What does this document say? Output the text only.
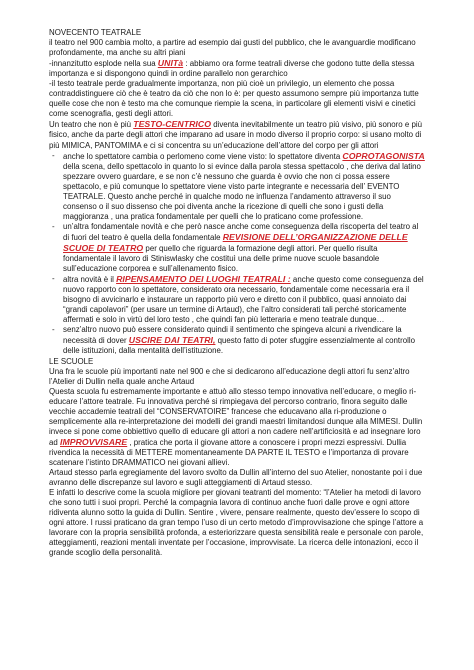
NOVECENTO TEATRALE

il teatro nel 900 cambia molto, a partire ad esempio dai gusti del pubblico, che le avanguardie modificano profondamente, ma anche su altri piani

-innanzitutto esplode nella sua UNITà : abbiamo ora forme teatrali diverse che godono tutte della stessa importanza e si dispongono quindi in ordine parallelo non gerarchico

-il testo teatrale perde gradualmente importanza, non più cioè un privilegio, un elemento che possa contraddistinguere ciò che è teatro da ciò che non lo è: per questo assumono sempre più importanza tutte quelle cose che non è testo ma che comunque riempie la scena, in particolare gli elementi visivi e cinetici come scenografia, gesti degli attori.

Un teatro che non è più TESTO-CENTRICO diventa inevitabilmente un teatro più visivo, più sonoro e più fisico, anche da parte degli attori che imparano ad usare in modo diverso il proprio corpo: si usano molto di più MIMICA, PANTOMIMA e ci si concentra su un’educazione dell’attore del corpo per gli attori

- anche lo spettatore cambia o perlomeno come viene visto: lo spettatore diventa COPROTAGONISTA della scena, dello spettacolo in quanto lo si evince dalla parola stessa spettacolo , che deriva dal latino spezzare ovvero guardare, e se non c’è nessuno che guarda è ovvio che non ci possa essere spettacolo, e più comunque lo spettatore viene visto parte integrante e necessaria dell’ EVENTO TEATRALE. Questo anche perché in qualche modo ne influenza l’andamento attraverso il suo consenso o il suo dissenso che poi diventa anche la ricezione di quelli che sono i gusti della maggioranza , una pratica fondamentale per quelli che lo praticano come professione.
- un’altra fondamentale novità e che però nasce anche come conseguenza della riscoperta del teatro al di fuori del teatro è quella della fondamentale REVISIONE DELL’ORGANIZZAZIONE DELLE SCUOE DI TEATRO per quello che riguarda la formazione degli attori. Per quello risulta fondamentale il lavoro di Stiniswlasky che costituì una delle prime nuove scuole basandole sull’educazione corporea e sull’allenamento fisico.
- altra novità è il RIPENSAMENTO DEI LUOGHI TEATRALI : anche questo come conseguenza del nuovo rapporto con lo spettatore, considerato ora necessario, fondamentale come necessaria era il bisogno di avvicinarlo e instaurare un rapporto più vero e diretto con il pubblico, quasi annoiato dai “grandi capolavori” (per usare un termine di Artaud), che l’altro considerati tali perché storicamente affermati e solo in virtù del loro testo , che quindi fan più letteraria e meno teatrale dunque…
- senz’altro nuovo può essere considerato quindi il sentimento che spingeva alcuni a rivendicare la necessità di dover USCIRE DAI TEATRI, questo fatto di poter sfuggire essenzialmente al controllo delle istituzioni, dalla mentalità dell’istituzione.

LE SCUOLE

Una fra le scuole più importanti nate nel 900 e che si dedicarono all’educazione degli attori fu senz’altro l’Atelier di Dullin nella quale anche Artaud

Questa scuola fu estremamente importante e attuò allo stesso tempo innovativa nell’educare, o meglio ri-educare l’attore teatrale. Fu innovativa perché si rimpiegava del percorso contrario, finora seguito dalle vecchie accademie teatrali del “CONSERVATOIRE” francese che educavano alla ri-produzione o semplicemente alla re-interpretazione dei modelli dei grandi maestri limitandosi dunque alla MIMESI. Dullin invece si pone come obbiettivo quello di educare gli attori a non cadere nell’artificiosità e ad insegnare loro ad IMPROVVISARE , pratica che porta il giovane attore a conoscere i propri mezzi espressivi. Dullia rivendica la necessità di METTERE momentaneamente DA PARTE IL TESTO e l’importanza di provare scatenare l’istinto DRAMMATICO nei giovani allievi.

Artaud stesso parla egregiamente del lavoro svolto da Dullin all’interno del suo Atelier, nonostante poi i due avranno delle discrepanze sul lavoro e sugli atteggiamenti di Artaud stesso.

E infatti lo descrive come la scuola migliore per giovani teatranti del momento: “l’Atelier ha metodi di lavoro che sono tutti i suoi propri. Perché la compagnia lavora di continuo anche fuori dalle prove e ogni attore ridiventa alunno sotto la guida di Dullin. Sentire , vivere, pensare realmente, questo dev’essere lo scopo di ogni attore. I russi praticano da gran tempo l’uso di un certo metodo d’improvvisazione che spinge l’attore a lavorare con la propria sensibilità profonda, a esteriorizzare questa sensibilità reale e personale con parole, atteggiamenti, reazioni mentali inventate per l’occasione, improvvisate. La ricerca delle intonazioni, ecco il grande scoglio della personalità.
